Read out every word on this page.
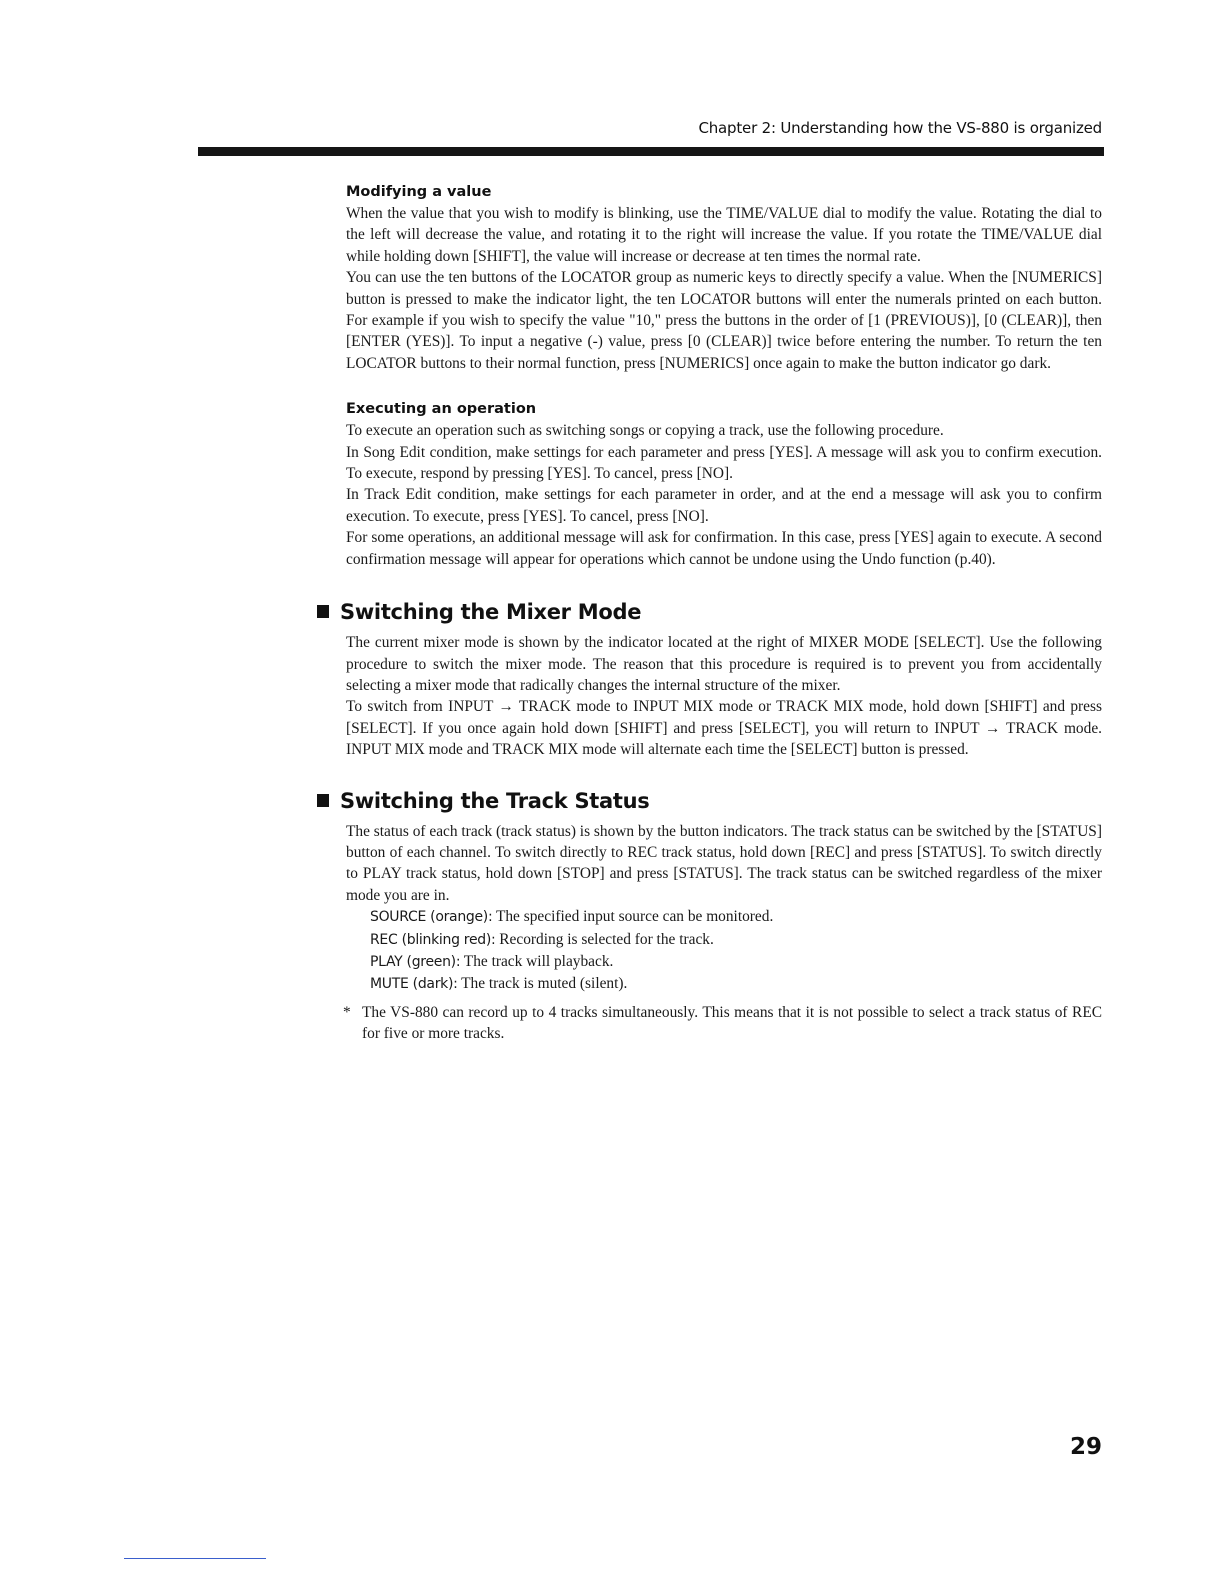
Chapter 2: Understanding how the VS-880 is organized
Modifying a value

When the value that you wish to modify is blinking, use the TIME/VALUE dial to modify the value. Rotating the dial to the left will decrease the value, and rotating it to the right will increase the value. If you rotate the TIME/VALUE dial while holding down [SHIFT], the value will increase or decrease at ten times the normal rate.

You can use the ten buttons of the LOCATOR group as numeric keys to directly specify a value. When the [NUMERICS] button is pressed to make the indicator light, the ten LOCATOR buttons will enter the numerals printed on each button. For example if you wish to specify the value "10," press the buttons in the order of [1 (PREVIOUS)], [0 (CLEAR)], then [ENTER (YES)]. To input a negative (-) value, press [0 (CLEAR)] twice before entering the number. To return the ten LOCATOR buttons to their normal function, press [NUMERICS] once again to make the button indicator go dark.

Executing an operation

To execute an operation such as switching songs or copying a track, use the following procedure.

In Song Edit condition, make settings for each parameter and press [YES]. A message will ask you to confirm execution. To execute, respond by pressing [YES]. To cancel, press [NO].

In Track Edit condition, make settings for each parameter in order, and at the end a message will ask you to confirm execution. To execute, press [YES]. To cancel, press [NO].

For some operations, an additional message will ask for confirmation. In this case, press [YES] again to execute. A second confirmation message will appear for operations which cannot be undone using the Undo function (p.40).

Switching the Mixer Mode

The current mixer mode is shown by the indicator located at the right of MIXER MODE [SELECT]. Use the following procedure to switch the mixer mode. The reason that this procedure is required is to prevent you from accidentally selecting a mixer mode that radically changes the internal structure of the mixer.

To switch from INPUT → TRACK mode to INPUT MIX mode or TRACK MIX mode, hold down [SHIFT] and press [SELECT]. If you once again hold down [SHIFT] and press [SELECT], you will return to INPUT → TRACK mode. INPUT MIX mode and TRACK MIX mode will alternate each time the [SELECT] button is pressed.

Switching the Track Status

The status of each track (track status) is shown by the button indicators. The track status can be switched by the [STATUS] button of each channel. To switch directly to REC track status, hold down [REC] and press [STATUS]. To switch directly to PLAY track status, hold down [STOP] and press [STATUS]. The track status can be switched regardless of the mixer mode you are in.

SOURCE (orange): The specified input source can be monitored.
REC (blinking red): Recording is selected for the track.
PLAY (green): The track will playback.
MUTE (dark): The track is muted (silent).

* The VS-880 can record up to 4 tracks simultaneously. This means that it is not possible to select a track status of REC for five or more tracks.

29
